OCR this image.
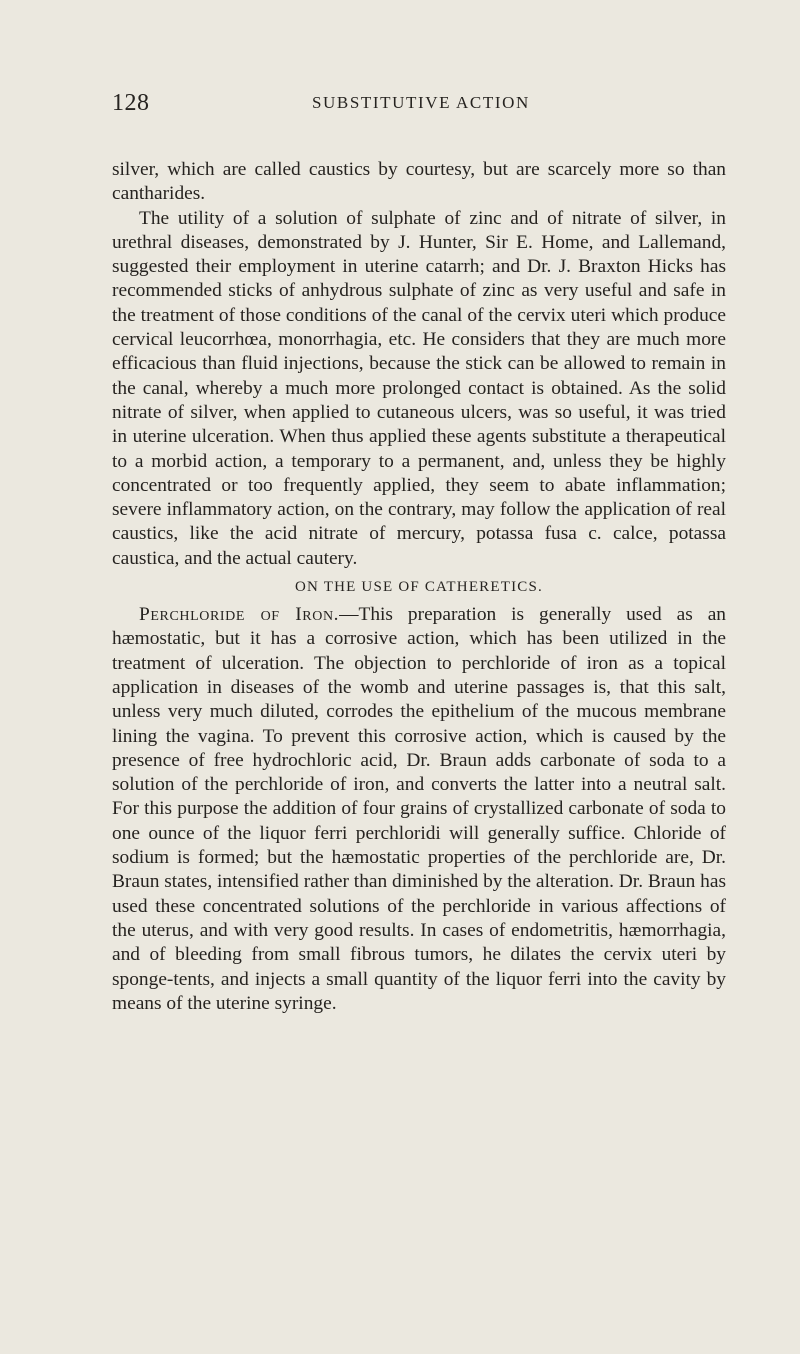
128	SUBSTITUTIVE ACTION

silver, which are called caustics by courtesy, but are scarcely more so than cantharides.

The utility of a solution of sulphate of zinc and of nitrate of silver, in urethral diseases, demonstrated by J. Hunter, Sir E. Home, and Lallemand, suggested their employment in uterine catarrh; and Dr. J. Braxton Hicks has recommended sticks of anhydrous sulphate of zinc as very useful and safe in the treatment of those conditions of the canal of the cervix uteri which produce cervical leucorrhœa, monorrhagia, etc. He considers that they are much more efficacious than fluid injections, because the stick can be allowed to remain in the canal, whereby a much more prolonged contact is obtained. As the solid nitrate of silver, when applied to cutaneous ulcers, was so useful, it was tried in uterine ulceration. When thus applied these agents substitute a therapeutical to a morbid action, a temporary to a permanent, and, unless they be highly concentrated or too frequently applied, they seem to abate inflammation; severe inflammatory action, on the contrary, may follow the application of real caustics, like the acid nitrate of mercury, potassa fusa c. calce, potassa caustica, and the actual cautery.

ON THE USE OF CATHERETICS.

Perchloride of Iron.—This preparation is generally used as an hæmostatic, but it has a corrosive action, which has been utilized in the treatment of ulceration. The objection to perchloride of iron as a topical application in diseases of the womb and uterine passages is, that this salt, unless very much diluted, corrodes the epithelium of the mucous membrane lining the vagina. To prevent this corrosive action, which is caused by the presence of free hydrochloric acid, Dr. Braun adds carbonate of soda to a solution of the perchloride of iron, and converts the latter into a neutral salt. For this purpose the addition of four grains of crystallized carbonate of soda to one ounce of the liquor ferri perchloridi will generally suffice. Chloride of sodium is formed; but the hæmostatic properties of the perchloride are, Dr. Braun states, intensified rather than diminished by the alteration. Dr. Braun has used these concentrated solutions of the perchloride in various affections of the uterus, and with very good results. In cases of endometritis, hæmorrhagia, and of bleeding from small fibrous tumors, he dilates the cervix uteri by sponge-tents, and injects a small quantity of the liquor ferri into the cavity by means of the uterine syringe.
